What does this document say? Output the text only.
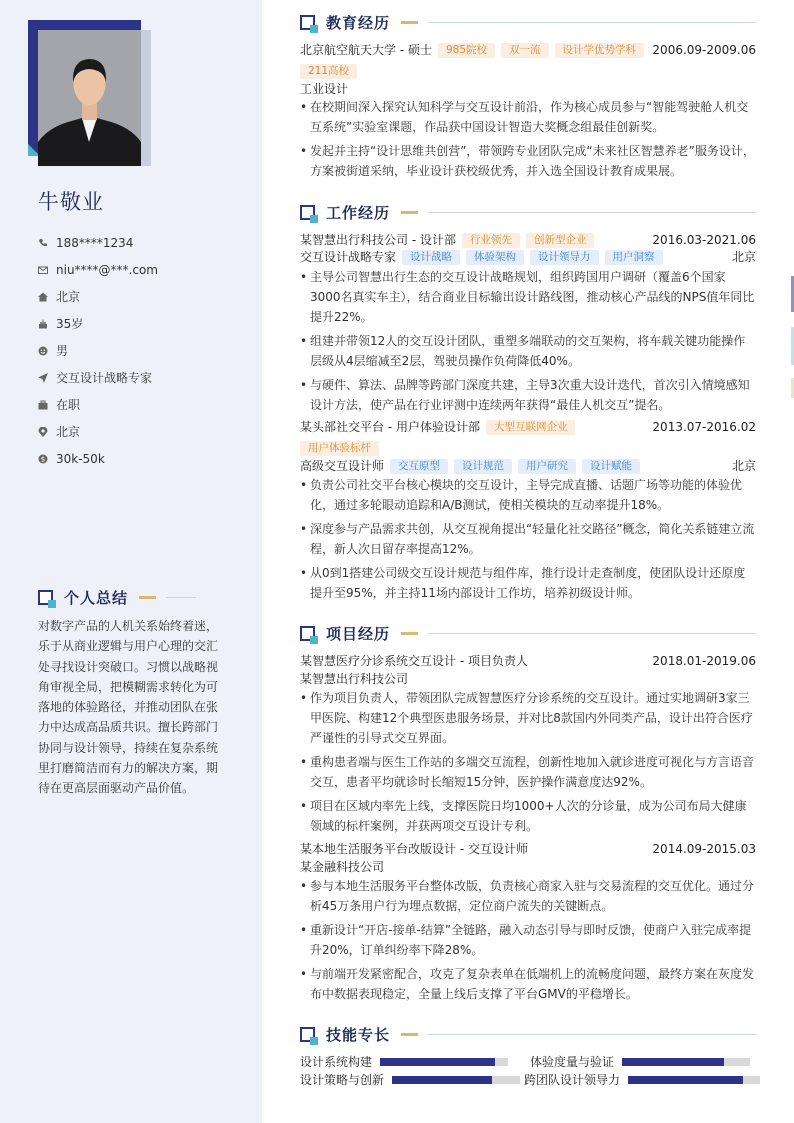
牛敬业
188****1234
niu****@***.com
北京
35岁
男
交互设计战略专家
在职
北京
$ 30k-50k
个人总结
对数字产品的人机关系始终着迷，乐于从商业逻辑与用户心理的交汇处寻找设计突破口。习惯以战略视角审视全局，把模糊需求转化为可落地的体验路径，并推动团队在张力中达成高品质共识。擅长跨部门协同与设计领导，持续在复杂系统里打磨简洁而有力的解决方案，期待在更高层面驱动产品价值。
教育经历
北京航空航天大学 - 硕士	985院校	双一流	设计学优势学科	2006.09-2009.06
211高校
工业设计
• 在校期间深入探究认知科学与交互设计前沿，作为核心成员参与“智能驾驶舱人机交互系统”实验室课题，作品获中国设计智造大奖概念组最佳创新奖。
• 发起并主持“设计思维共创营”，带领跨专业团队完成“未来社区智慧养老”服务设计，方案被街道采纳，毕业设计获校级优秀，并入选全国设计教育成果展。
工作经历
某智慧出行科技公司 - 设计部	行业领先	创新型企业	2016.03-2021.06
交互设计战略专家	设计战略	体验架构	设计领导力	用户洞察	北京
• 主导公司智慧出行生态的交互设计战略规划，组织跨国用户调研（覆盖6个国家3000名真实车主），结合商业目标输出设计路线图，推动核心产品线的NPS值年同比提升22%。
• 组建并带领12人的交互设计团队，重塑多端联动的交互架构，将车载关键功能操作层级从4层缩减至2层，驾驶员操作负荷降低40%。
• 与硬件、算法、品牌等跨部门深度共建，主导3次重大设计迭代，首次引入情境感知设计方法，使产品在行业评测中连续两年获得“最佳人机交互”提名。
某头部社交平台 - 用户体验设计部	大型互联网企业	2013.07-2016.02
用户体验标杆
高级交互设计师	交互原型	设计规范	用户研究	设计赋能	北京
• 负责公司社交平台核心模块的交互设计，主导完成直播、话题广场等功能的体验优化，通过多轮眼动追踪和A/B测试，使相关模块的互动率提升18%。
• 深度参与产品需求共创，从交互视角提出“轻量化社交路径”概念，简化关系链建立流程，新人次日留存率提高12%。
• 从0到1搭建公司级交互设计规范与组件库，推行设计走查制度，使团队设计还原度提升至95%，并主持11场内部设计工作坊，培养初级设计师。
项目经历
某智慧医疗分诊系统交互设计 - 项目负责人	2018.01-2019.06
某智慧出行科技公司
• 作为项目负责人，带领团队完成智慧医疗分诊系统的交互设计。通过实地调研3家三甲医院、构建12个典型医患服务场景，并对比8款国内外同类产品，设计出符合医疗严谨性的引导式交互界面。
• 重构患者端与医生工作站的多端交互流程，创新性地加入就诊进度可视化与方言语音交互，患者平均就诊时长缩短15分钟，医护操作满意度达92%。
• 项目在区域内率先上线，支撑医院日均1000+人次的分诊量，成为公司布局大健康领域的标杆案例，并获两项交互设计专利。
某本地生活服务平台改版设计 - 交互设计师	2014.09-2015.03
某金融科技公司
• 参与本地生活服务平台整体改版，负责核心商家入驻与交易流程的交互优化。通过分析45万条用户行为埋点数据，定位商户流失的关键断点。
• 重新设计“开店-接单-结算”全链路，融入动态引导与即时反馈，使商户入驻完成率提升20%，订单纠纷率下降28%。
• 与前端开发紧密配合，攻克了复杂表单在低端机上的流畅度问题，最终方案在灰度发布中数据表现稳定，全量上线后支撑了平台GMV的平稳增长。
技能专长
设计系统构建	体验度量与验证
设计策略与创新	跨团队设计领导力
